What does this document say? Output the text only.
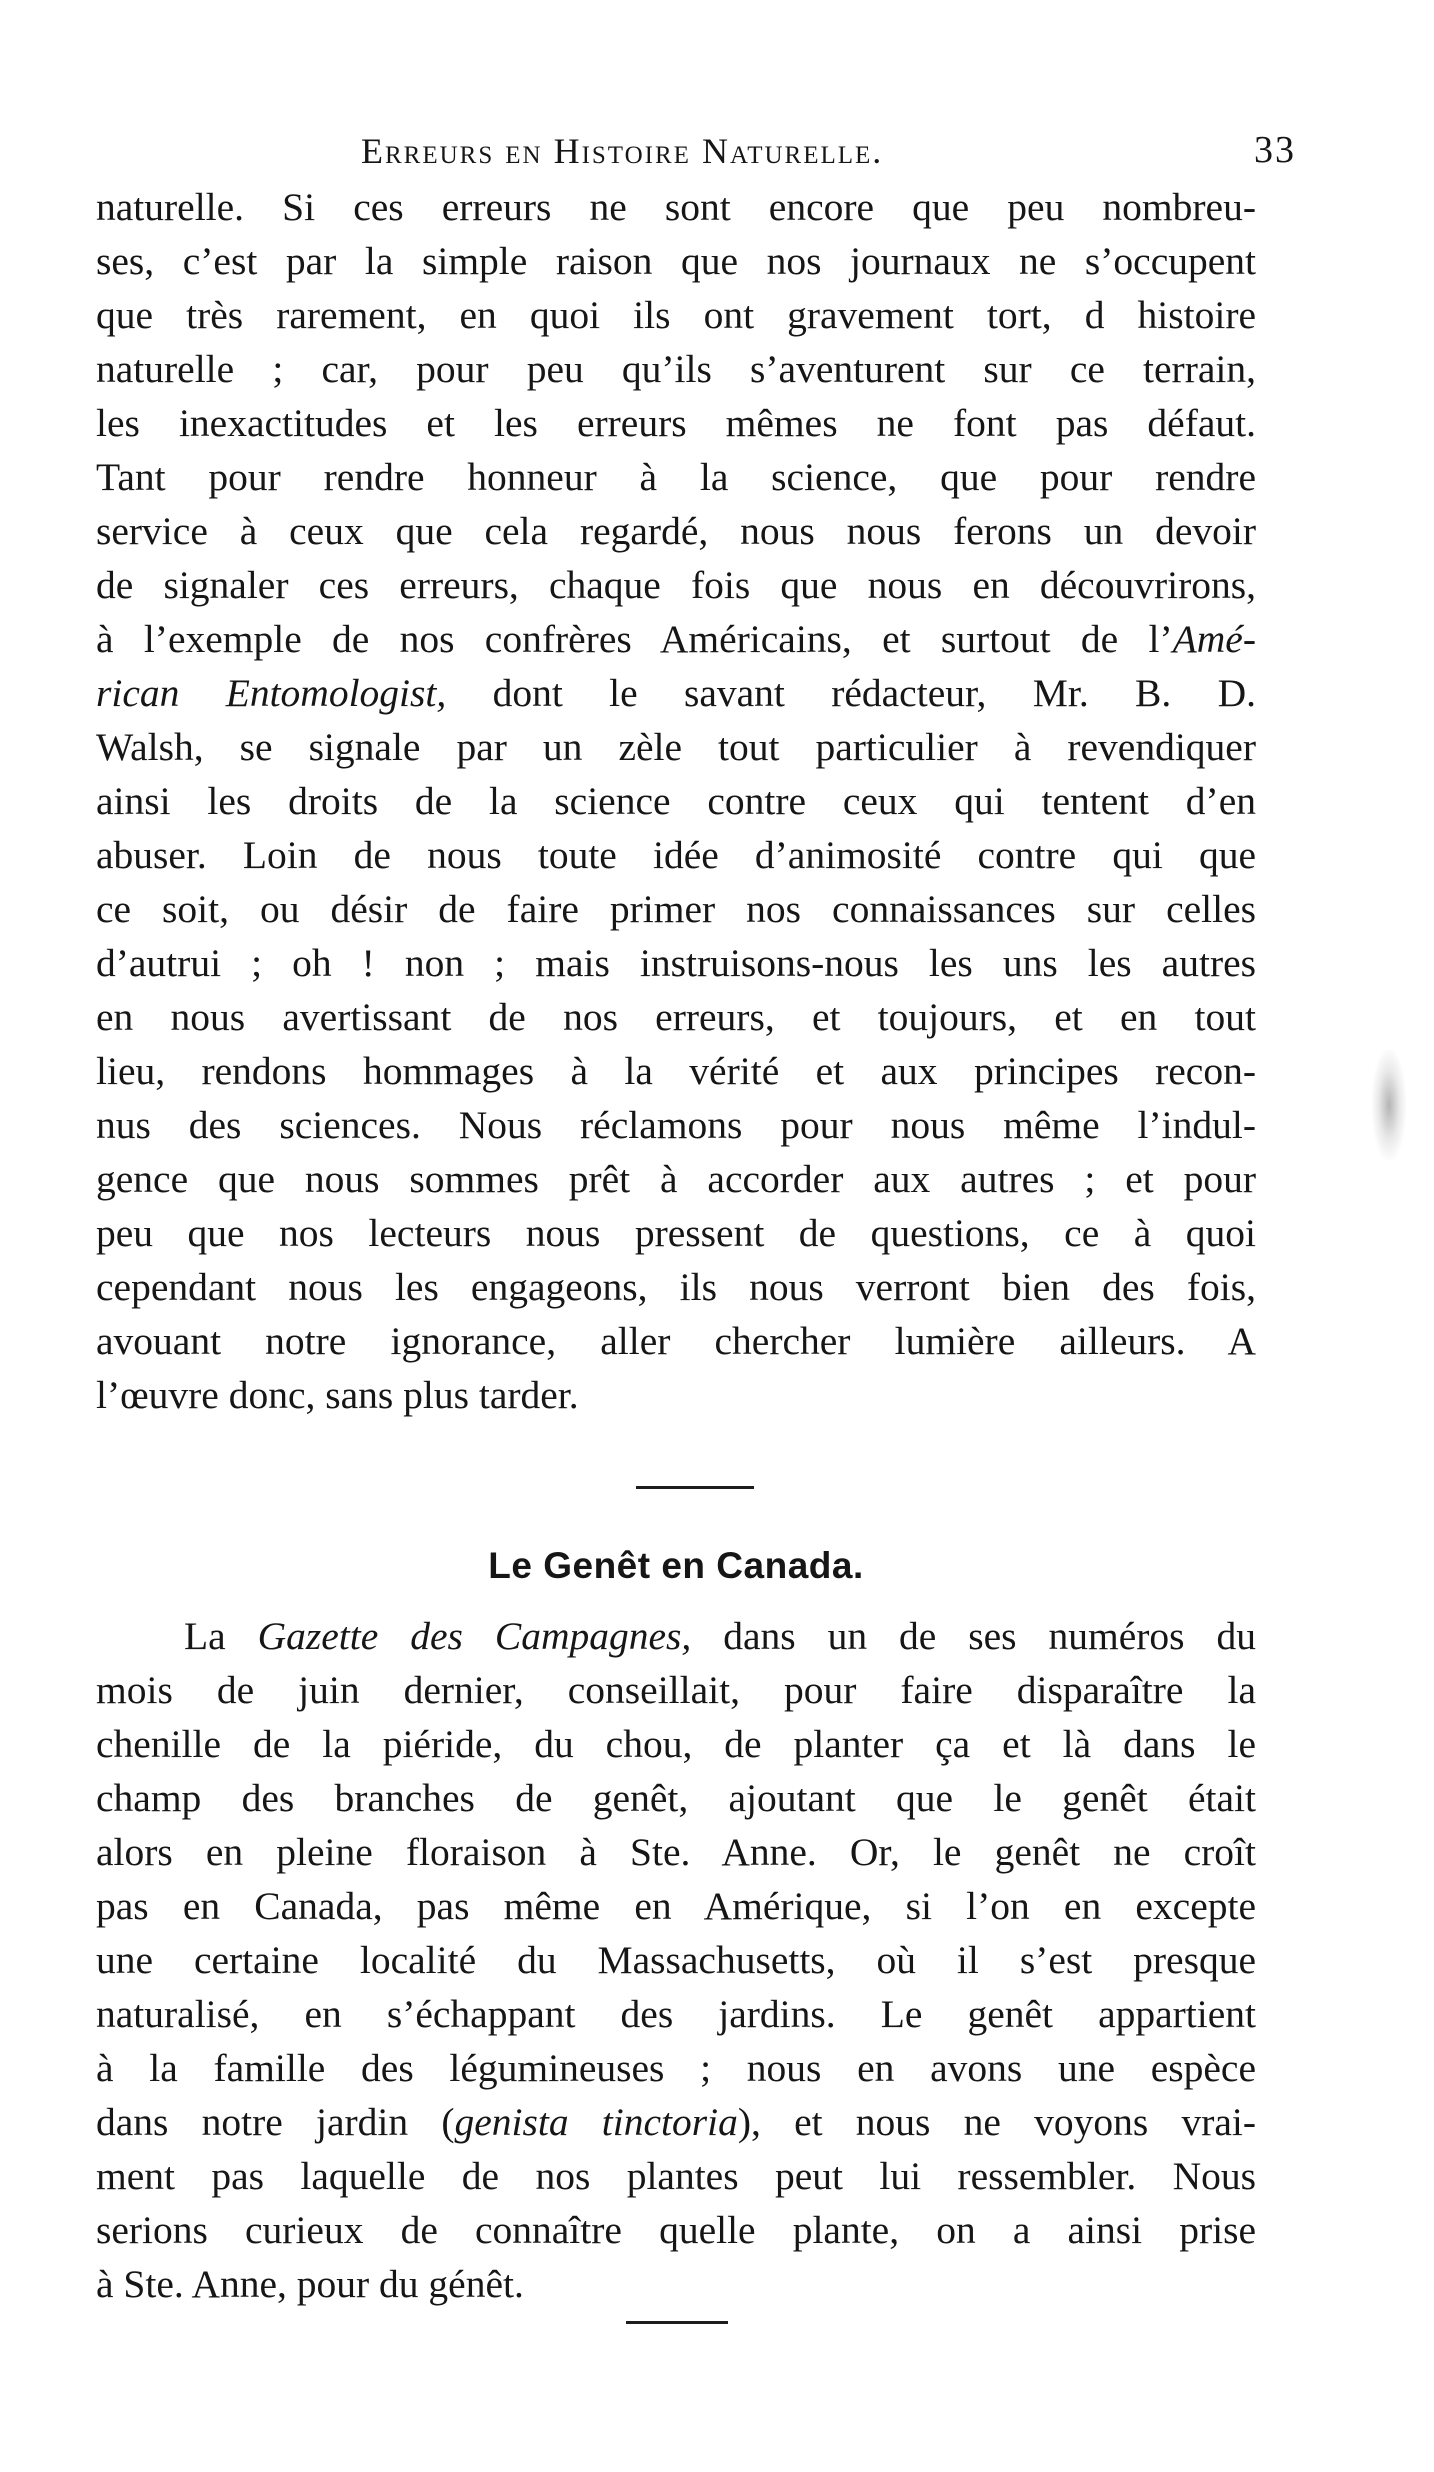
Erreurs en Histoire Naturelle.	33
naturelle. Si ces erreurs ne sont encore que peu nombreu-
ses, c’est par la simple raison que nos journaux ne s’occupent
que très rarement, en quoi ils ont gravement tort, d histoire
naturelle ; car, pour peu qu’ils s’aventurent sur ce terrain,
les inexactitudes et les erreurs mêmes ne font pas défaut.
Tant pour rendre honneur à la science, que pour rendre
service à ceux que cela regardé, nous nous ferons un devoir
de signaler ces erreurs, chaque fois que nous en découvrirons,
à l’exemple de nos confrères Américains, et surtout de l’Amé-
rican Entomologist, dont le savant rédacteur, Mr. B. D.
Walsh, se signale par un zèle tout particulier à revendiquer
ainsi les droits de la science contre ceux qui tentent d’en
abuser. Loin de nous toute idée d’animosité contre qui que
ce soit, ou désir de faire primer nos connaissances sur celles
d’autrui ; oh ! non ; mais instruisons-nous les uns les autres
en nous avertissant de nos erreurs, et toujours, et en tout
lieu, rendons hommages à la vérité et aux principes recon-
nus des sciences. Nous réclamons pour nous même l’indul-
gence que nous sommes prêt à accorder aux autres ; et pour
peu que nos lecteurs nous pressent de questions, ce à quoi
cependant nous les engageons, ils nous verront bien des fois,
avouant notre ignorance, aller chercher lumière ailleurs. A
l’œuvre donc, sans plus tarder.
Le Genêt en Canada.
La Gazette des Campagnes, dans un de ses numéros du
mois de juin dernier, conseillait, pour faire disparaître la
chenille de la piéride, du chou, de planter ça et là dans le
champ des branches de genêt, ajoutant que le genêt était
alors en pleine floraison à Ste. Anne. Or, le genêt ne croît
pas en Canada, pas même en Amérique, si l’on en excepte
une certaine localité du Massachusetts, où il s’est presque
naturalisé, en s’échappant des jardins. Le genêt appartient
à la famille des légumineuses ; nous en avons une espèce
dans notre jardin (genista tinctoria), et nous ne voyons vrai-
ment pas laquelle de nos plantes peut lui ressembler. Nous
serions curieux de connaître quelle plante, on a ainsi prise
à Ste. Anne, pour du génêt.
